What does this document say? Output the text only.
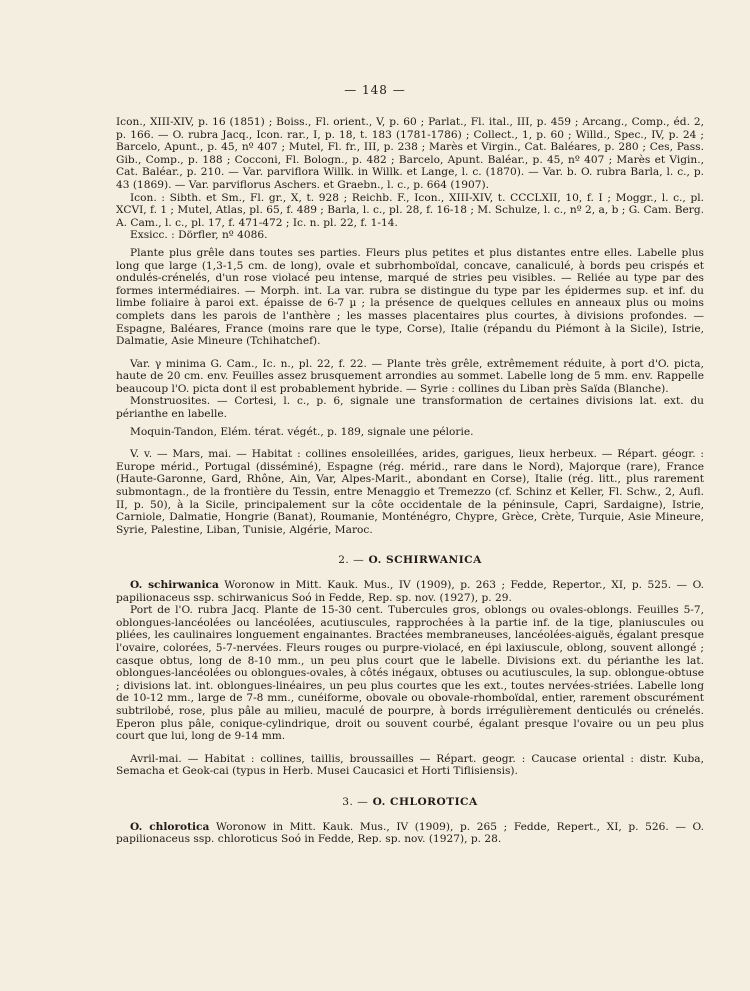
— 148 —

Icon., XIII-XIV, p. 16 (1851) ; Boiss., Fl. orient., V, p. 60 ; Parlat., Fl. ital., III, p. 459 ; Arcang., Comp., éd. 2, p. 166. — O. rubra Jacq., Icon. rar., I, p. 18, t. 183 (1781-1786) ; Collect., 1, p. 60 ; Willd., Spec., IV, p. 24 ; Barcelo, Apunt., p. 45, nº 407 ; Mutel, Fl. fr., III, p. 238 ; Marès et Virgin., Cat. Baléares, p. 280 ; Ces, Pass. Gib., Comp., p. 188 ; Cocconi, Fl. Bologn., p. 482 ; Barcelo, Apunt. Baléar., p. 45, nº 407 ; Marès et Vigin., Cat. Baléar., p. 210. — Var. parviflora Willk. in Willk. et Lange, l. c. (1870). — Var. b. O. rubra Barla, l. c., p. 43 (1869). — Var. parviflorus Aschers. et Graebn., l. c., p. 664 (1907).

Icon. : Sibth. et Sm., Fl. gr., X, t. 928 ; Reichb. F., Icon., XIII-XIV, t. CCCLXII, 10, f. I ; Moggr., l. c., pl. XCVI, f. 1 ; Mutel, Atlas, pl. 65, f. 489 ; Barla, l. c., pl. 28, f. 16-18 ; M. Schulze, l. c., nº 2, a, b ; G. Cam. Berg. A. Cam., l. c., pl. 17, f. 471-472 ; Ic. n. pl. 22, f. 1-14.

Exsicc. : Dörfler, nº 4086.

Plante plus grêle dans toutes ses parties. Fleurs plus petites et plus distantes entre elles. Labelle plus long que large (1,3-1,5 cm. de long), ovale et subrhomboïdal, concave, canaliculé, à bords peu crispés et ondulés-crénelés, d'un rose violacé peu intense, marqué de stries peu visibles. — Reliée au type par des formes intermédiaires. — Morph. int. La var. rubra se distingue du type par les épidermes sup. et inf. du limbe foliaire à paroi ext. épaisse de 6-7 µ ; la présence de quelques cellules en anneaux plus ou moins complets dans les parois de l'anthère ; les masses placentaires plus courtes, à divisions profondes. — Espagne, Baléares, France (moins rare que le type, Corse), Italie (répandu du Piémont à la Sicile), Istrie, Dalmatie, Asie Mineure (Tchihatchef).

Var. γ minima G. Cam., Ic. n., pl. 22, f. 22. — Plante très grêle, extrêmement réduite, à port d'O. picta, haute de 20 cm. env. Feuilles assez brusquement arrondies au sommet. Labelle long de 5 mm. env. Rappelle beaucoup l'O. picta dont il est probablement hybride. — Syrie : collines du Liban près Saïda (Blanche).

Monstruosites. — Cortesi, l. c., p. 6, signale une transformation de certaines divisions lat. ext. du périanthe en labelle.

Moquin-Tandon, Elém. térat. végét., p. 189, signale une pélorie.

V. v. — Mars, mai. — Habitat : collines ensoleillées, arides, garigues, lieux herbeux. — Répart. géogr. : Europe mérid., Portugal (disséminé), Espagne (rég. mérid., rare dans le Nord), Majorque (rare), France (Haute-Garonne, Gard, Rhône, Ain, Var, Alpes-Marit., abondant en Corse), Italie (rég. litt., plus rarement submontagn., de la frontière du Tessin, entre Menaggio et Tremezzo (cf. Schinz et Keller, Fl. Schw., 2, Aufl. II, p. 50), à la Sicile, principalement sur la côte occidentale de la péninsule, Capri, Sardaigne), Istrie, Carniole, Dalmatie, Hongrie (Banat), Roumanie, Monténégro, Chypre, Grèce, Crète, Turquie, Asie Mineure, Syrie, Palestine, Liban, Tunisie, Algérie, Maroc.

2. — O. SCHIRWANICA

O. schirwanica Woronow in Mitt. Kauk. Mus., IV (1909), p. 263 ; Fedde, Repertor., XI, p. 525. — O. papilionaceus ssp. schirwanicus Soó in Fedde, Rep. sp. nov. (1927), p. 29.

Port de l'O. rubra Jacq. Plante de 15-30 cent. Tubercules gros, oblongs ou ovales-oblongs. Feuilles 5-7, oblongues-lancéolées ou lancéolées, acutiuscules, rapprochées à la partie inf. de la tige, planiuscules ou pliées, les caulinaires longuement engainantes. Bractées membraneuses, lancéolées-aiguës, égalant presque l'ovaire, colorées, 5-7-nervées. Fleurs rouges ou purpre-violacé, en épi laxiuscule, oblong, souvent allongé ; casque obtus, long de 8-10 mm., un peu plus court que le labelle. Divisions ext. du périanthe les lat. oblongues-lancéolées ou oblongues-ovales, à côtés inégaux, obtuses ou acutiuscules, la sup. oblongue-obtuse ; divisions lat. int. oblongues-linéaires, un peu plus courtes que les ext., toutes nervées-striées. Labelle long de 10-12 mm., large de 7-8 mm., cunéiforme, obovale ou obovale-rhomboïdal, entier, rarement obscurément subtrilobé, rose, plus pâle au milieu, maculé de pourpre, à bords irrégulièrement denticulés ou crénelés. Eperon plus pâle, conique-cylindrique, droit ou souvent courbé, égalant presque l'ovaire ou un peu plus court que lui, long de 9-14 mm.

Avril-mai. — Habitat : collines, taillis, broussailles — Répart. geogr. : Caucase oriental : distr. Kuba, Semacha et Geok-cai (typus in Herb. Musei Caucasici et Horti Tiflisiensis).

3. — O. CHLOROTICA

O. chlorotica Woronow in Mitt. Kauk. Mus., IV (1909), p. 265 ; Fedde, Repert., XI, p. 526. — O. papilionaceus ssp. chloroticus Soó in Fedde, Rep. sp. nov. (1927), p. 28.
